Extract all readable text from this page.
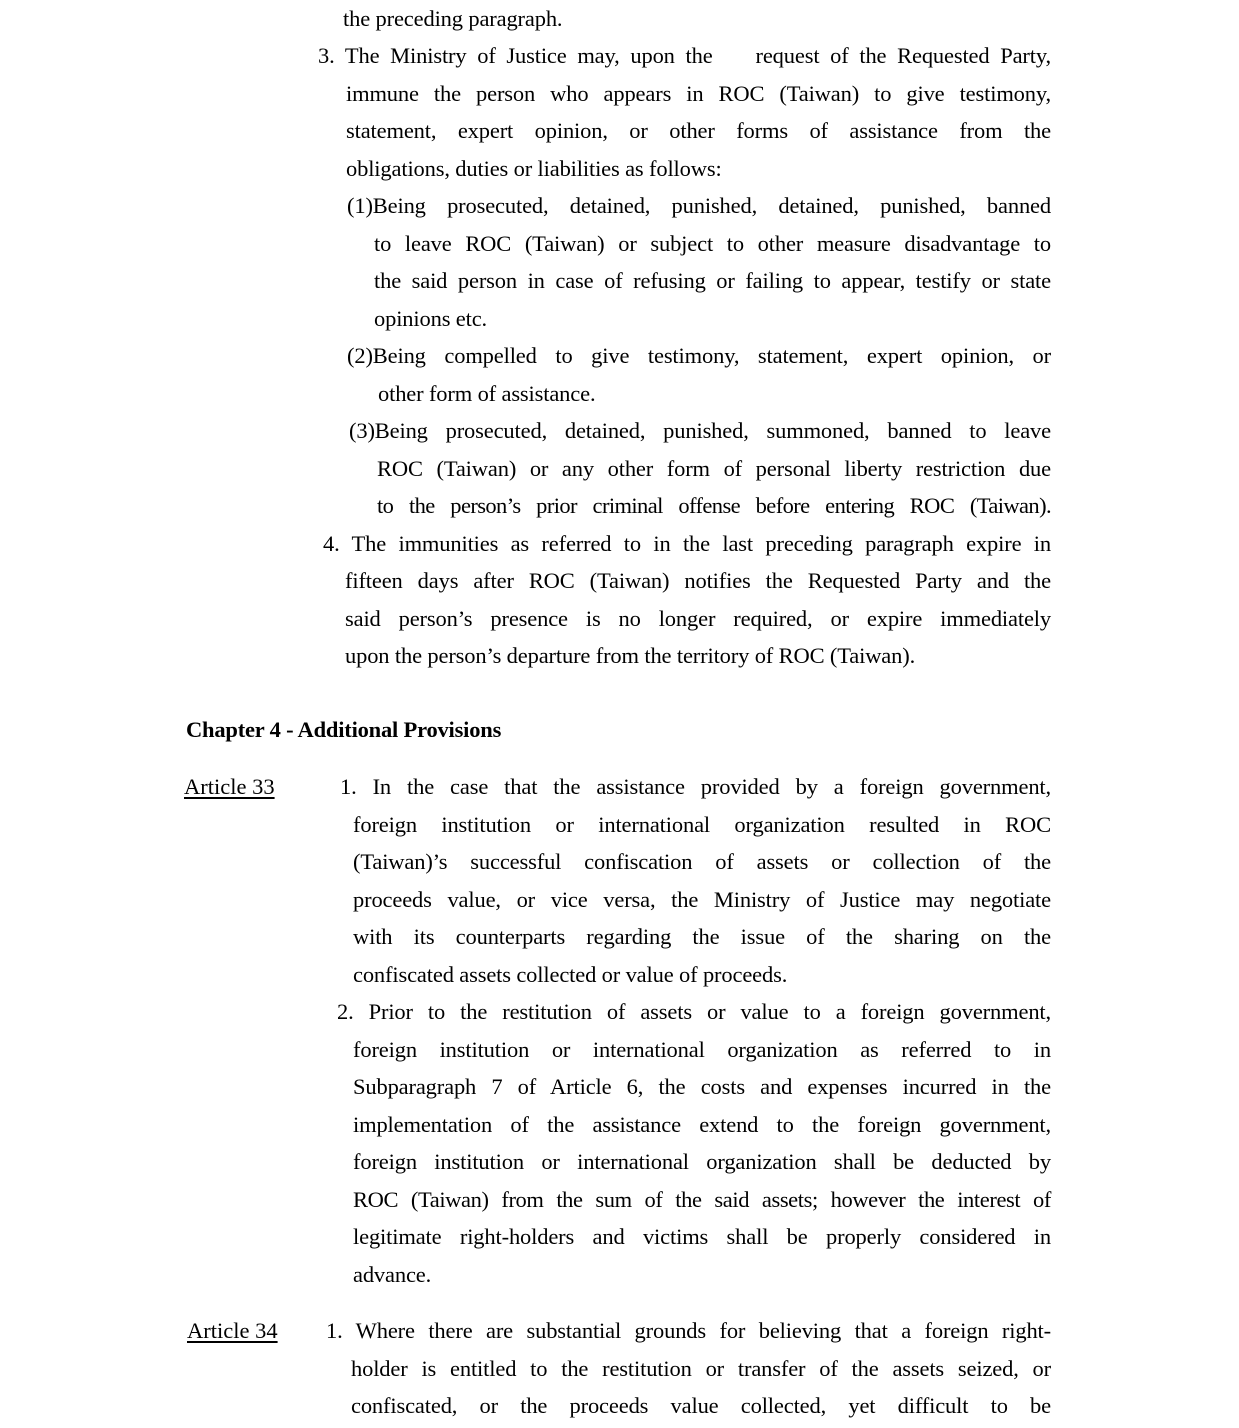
the preceding paragraph.
3. The Ministry of Justice may, upon the    request of the Requested Party,
immune the person who appears in ROC (Taiwan) to give testimony,
statement, expert opinion, or other forms of assistance from the
obligations, duties or liabilities as follows:
(1)Being prosecuted, detained, punished, detained, punished, banned
to leave ROC (Taiwan) or subject to other measure disadvantage to
the said person in case of refusing or failing to appear, testify or state
opinions etc.
(2)Being compelled to give testimony, statement, expert opinion, or
other form of assistance.
(3)Being prosecuted, detained, punished, summoned, banned to leave
ROC (Taiwan) or any other form of personal liberty restriction due
to the person’s prior criminal offense before entering ROC (Taiwan).
4. The immunities as referred to in the last preceding paragraph expire in
fifteen days after ROC (Taiwan) notifies the Requested Party and the
said person’s presence is no longer required, or expire immediately
upon the person’s departure from the territory of ROC (Taiwan).
Chapter 4 - Additional Provisions
Article 33	1. In the case that the assistance provided by a foreign government,
foreign institution or international organization resulted in ROC
(Taiwan)’s successful confiscation of assets or collection of the
proceeds value, or vice versa, the Ministry of Justice may negotiate
with its counterparts regarding the issue of the sharing on the
confiscated assets collected or value of proceeds.
2. Prior to the restitution of assets or value to a foreign government,
foreign institution or international organization as referred to in
Subparagraph 7 of Article 6, the costs and expenses incurred in the
implementation of the assistance extend to the foreign government,
foreign institution or international organization shall be deducted by
ROC (Taiwan) from the sum of the said assets; however the interest of
legitimate right-holders and victims shall be properly considered in
advance.
Article 34 1. Where there are substantial grounds for believing that a foreign right-
holder is entitled to the restitution or transfer of the assets seized, or
confiscated, or the proceeds value collected, yet difficult to be
